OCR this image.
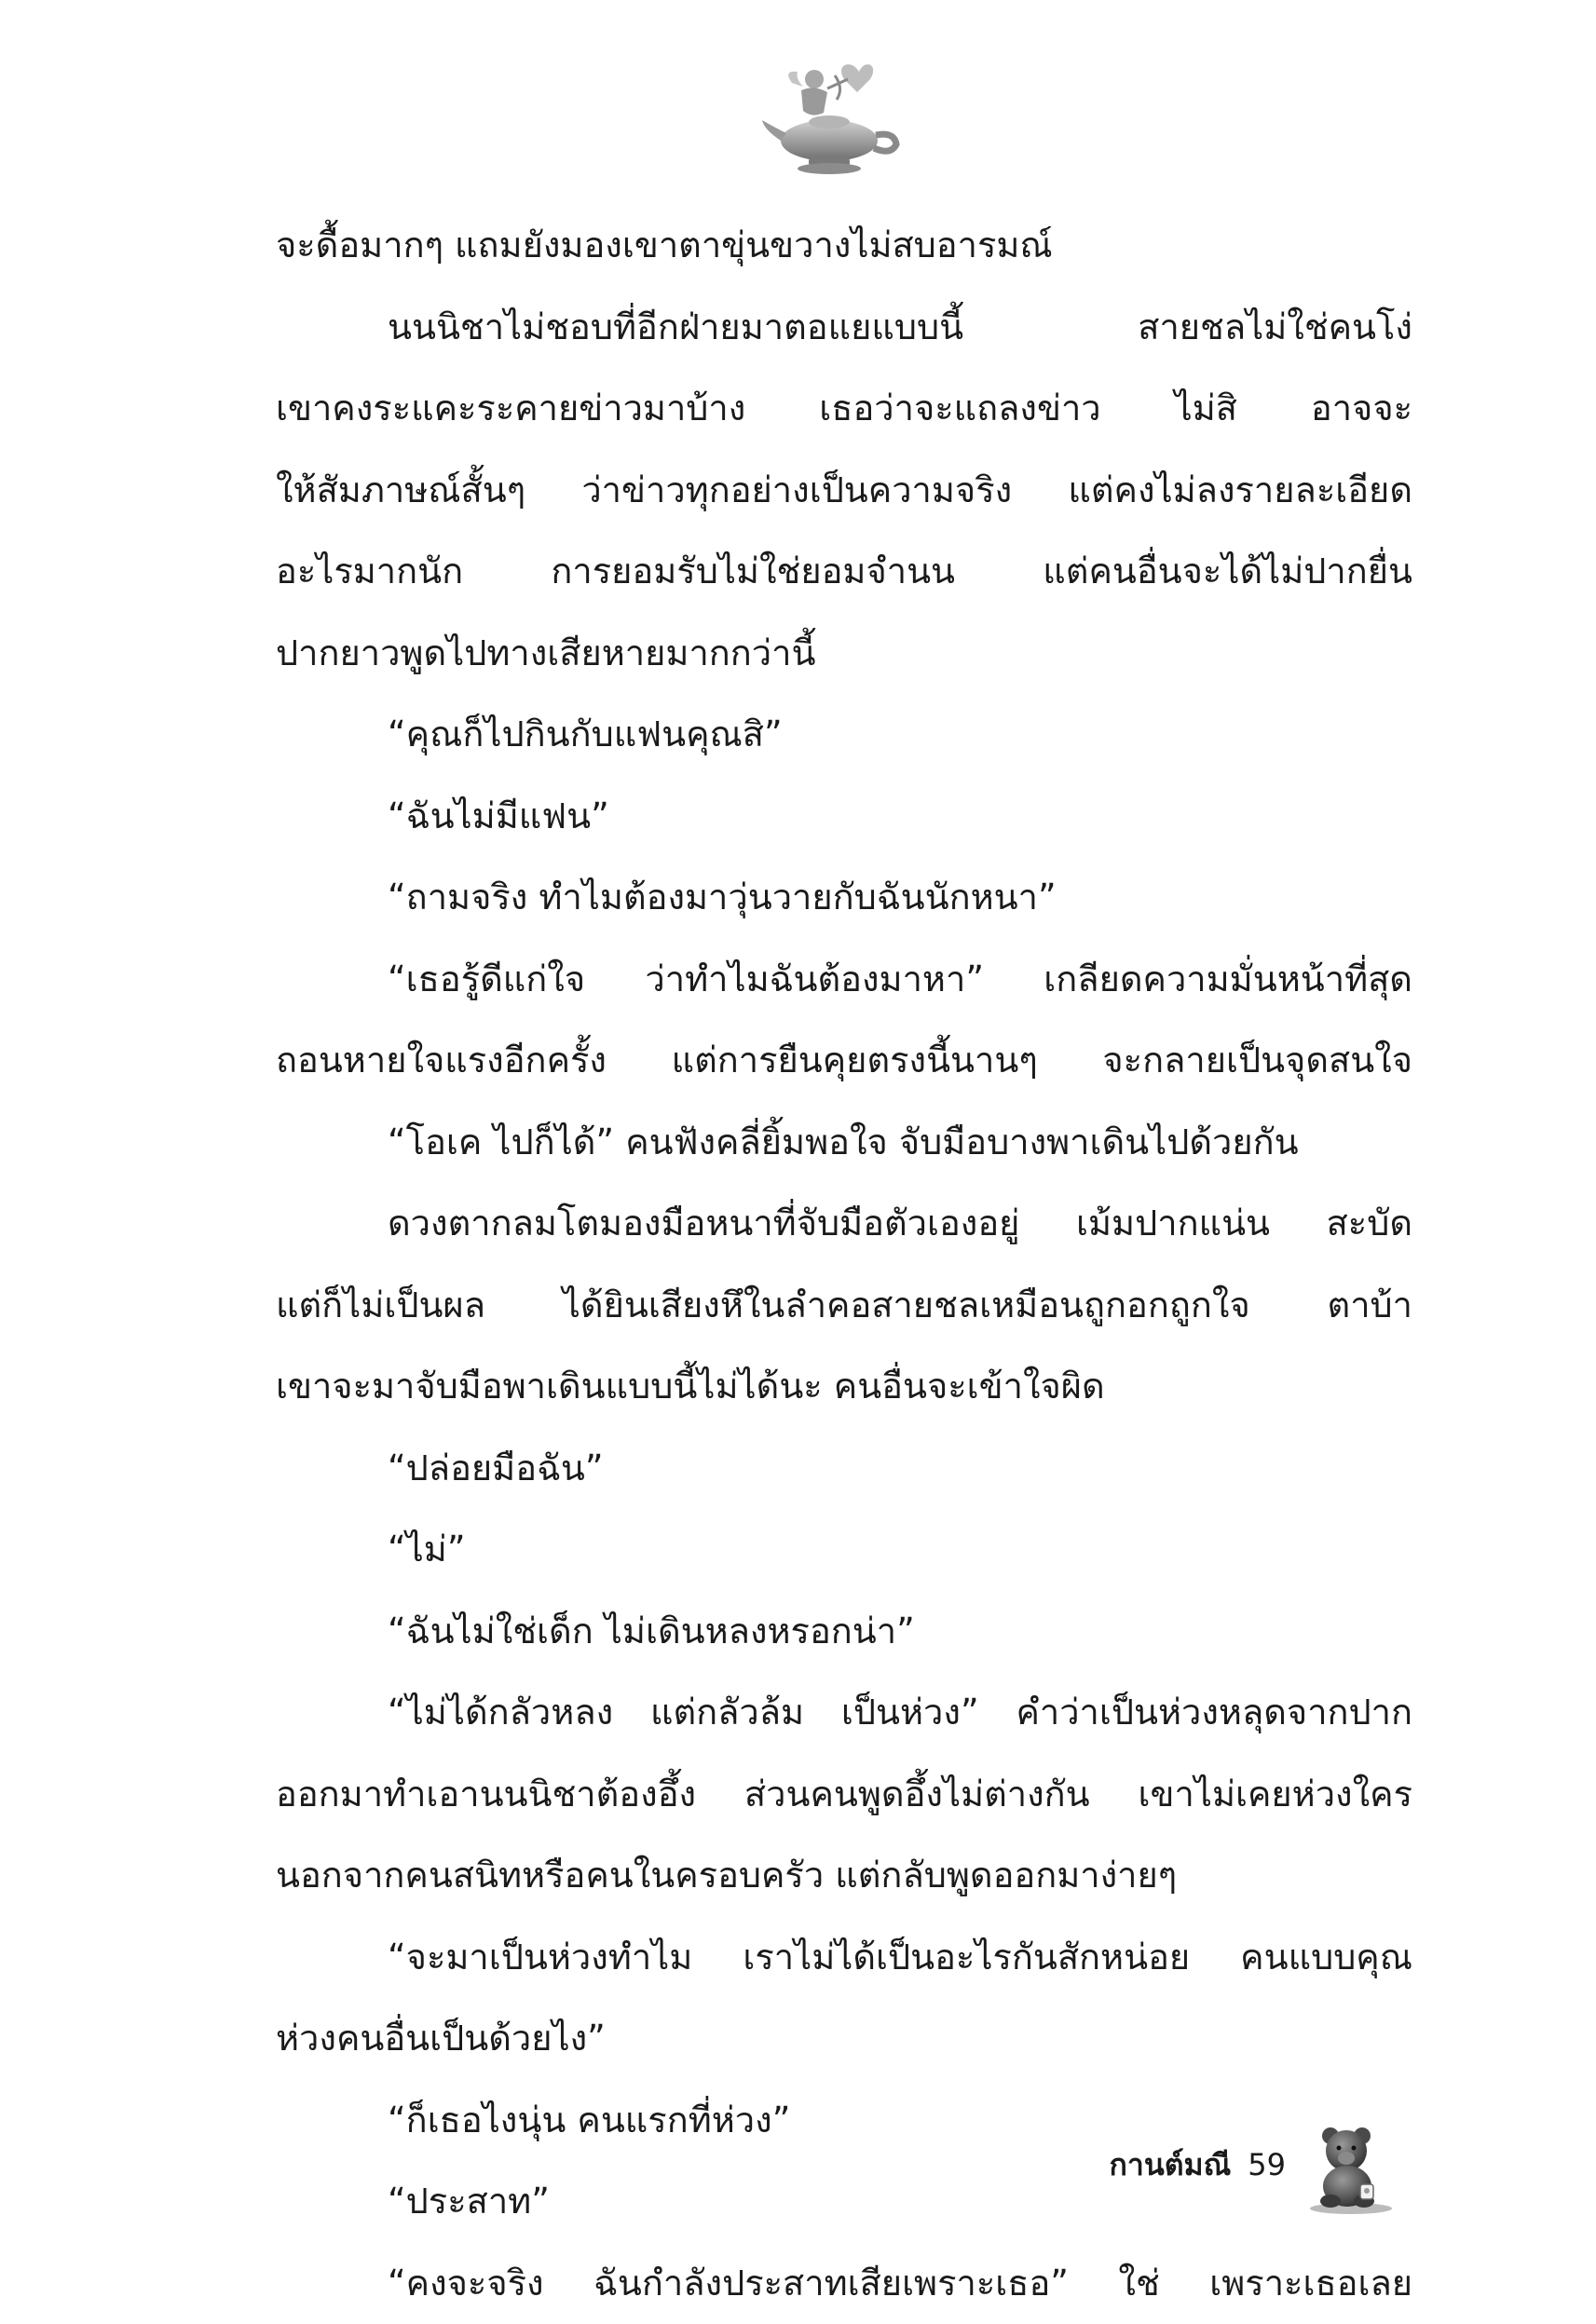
จะดื้อมากๆ แถมยังมองเขาตาขุ่นขวางไม่สบอารมณ์
นนนิชาไม่ชอบที่อีกฝ่ายมาตอแยแบบนี้ สายชลไม่ใช่คนโง่
เขาคงระแคะระคายข่าวมาบ้าง เธอว่าจะแถลงข่าว ไม่สิ อาจจะ
ให้สัมภาษณ์สั้นๆ ว่าข่าวทุกอย่างเป็นความจริง แต่คงไม่ลงรายละเอียด
อะไรมากนัก การยอมรับไม่ใช่ยอมจำนน แต่คนอื่นจะได้ไม่ปากยื่น
ปากยาวพูดไปทางเสียหายมากกว่านี้
“คุณก็ไปกินกับแฟนคุณสิ”
“ฉันไม่มีแฟน”
“ถามจริง ทำไมต้องมาวุ่นวายกับฉันนักหนา”
“เธอรู้ดีแก่ใจ ว่าทำไมฉันต้องมาหา” เกลียดความมั่นหน้าที่สุด
ถอนหายใจแรงอีกครั้ง แต่การยืนคุยตรงนี้นานๆ จะกลายเป็นจุดสนใจ
“โอเค ไปก็ได้” คนฟังคลี่ยิ้มพอใจ จับมือบางพาเดินไปด้วยกัน
ดวงตากลมโตมองมือหนาที่จับมือตัวเองอยู่ เม้มปากแน่น สะบัด
แต่ก็ไม่เป็นผล ได้ยินเสียงหึในลำคอสายชลเหมือนถูกอกถูกใจ ตาบ้า
เขาจะมาจับมือพาเดินแบบนี้ไม่ได้นะ คนอื่นจะเข้าใจผิด
“ปล่อยมือฉัน”
“ไม่”
“ฉันไม่ใช่เด็ก ไม่เดินหลงหรอกน่า”
“ไม่ได้กลัวหลง แต่กลัวล้ม เป็นห่วง” คำว่าเป็นห่วงหลุดจากปาก
ออกมาทำเอานนนิชาต้องอึ้ง ส่วนคนพูดอึ้งไม่ต่างกัน เขาไม่เคยห่วงใคร
นอกจากคนสนิทหรือคนในครอบครัว แต่กลับพูดออกมาง่ายๆ
“จะมาเป็นห่วงทำไม เราไม่ได้เป็นอะไรกันสักหน่อย คนแบบคุณ
ห่วงคนอื่นเป็นด้วยไง”
“ก็เธอไงนุ่น คนแรกที่ห่วง”
“ประสาท”
“คงจะจริง ฉันกำลังประสาทเสียเพราะเธอ” ใช่ เพราะเธอเลย
กานต์มณี 59
